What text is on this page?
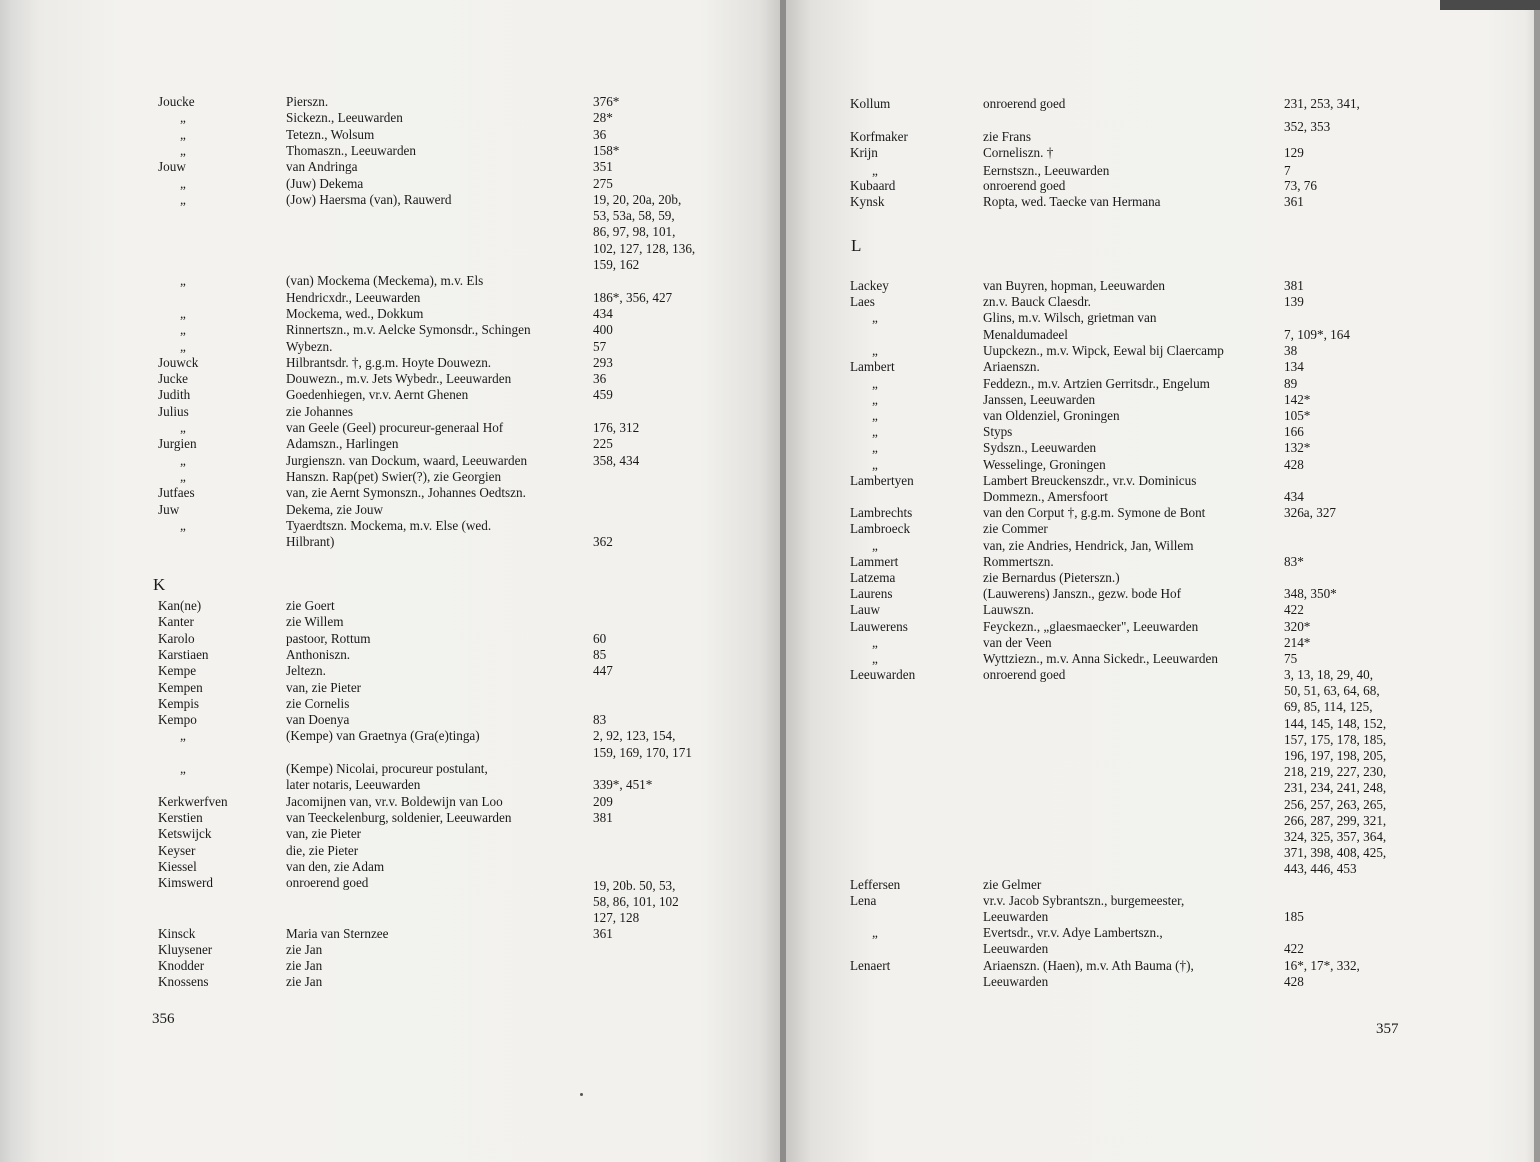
Joucke	Pierszn.	376*
„	Sickezn., Leeuwarden	28*
„	Tetezn., Wolsum	36
„	Thomaszn., Leeuwarden	158*
Jouw	van Andringa	351
„	(Juw) Dekema	275
„	(Jow) Haersma (van), Rauwerd	19, 20, 20a, 20b,
53, 53a, 58, 59,
86, 97, 98, 101,
102, 127, 128, 136,
159, 162
„	(van) Mockema (Meckema), m.v. Els
Hendricxdr., Leeuwarden	186*, 356, 427
„	Mockema, wed., Dokkum	434
„	Rinnertszn., m.v. Aelcke Symonsdr., Schingen	400
„	Wybezn.	57
Jouwck	Hilbrantsdr. †, g.g.m. Hoyte Douwezn.	293
Jucke	Douwezn., m.v. Jets Wybedr., Leeuwarden	36
Judith	Goedenhiegen, vr.v. Aernt Ghenen	459
Julius	zie Johannes
„	van Geele (Geel) procureur-generaal Hof	176, 312
Jurgien	Adamszn., Harlingen	225
„	Jurgienszn. van Dockum, waard, Leeuwarden	358, 434
„	Hanszn. Rap(pet) Swier(?), zie Georgien
Jutfaes	van, zie Aernt Symonszn., Johannes Oedtszn.
Juw	Dekema, zie Jouw
„	Tyaerdtszn. Mockema, m.v. Else (wed.
Hilbrant)	362
Kan(ne)	zie Goert
Kanter	zie Willem
Karolo	pastoor, Rottum	60
Karstiaen	Anthoniszn.	85
Kempe	Jeltezn.	447
Kempen	van, zie Pieter
Kempis	zie Cornelis
Kempo	van Doenya	83
„	(Kempe) van Graetnya (Gra(e)tinga)	2, 92, 123, 154,
159, 169, 170, 171
„	(Kempe) Nicolai, procureur postulant,
later notaris, Leeuwarden	339*, 451*
Kerkwerfven	Jacomijnen van, vr.v. Boldewijn van Loo	209
Kerstien	van Teeckelenburg, soldenier, Leeuwarden	381
Ketswijck	van, zie Pieter
Keyser	die, zie Pieter
Kiessel	van den, zie Adam
Kimswerd	onroerend goed	19, 20b. 50, 53,
58, 86, 101, 102
127, 128
Kinsck	Maria van Sternzee	361
Kluysener	zie Jan
Knodder	zie Jan
Knossens	zie Jan
Kollum	onroerend goed	231, 253, 341,
352, 353
Korfmaker	zie Frans
Krijn	Corneliszn. †	129
„	Eernstszn., Leeuwarden	7
Kubaard	onroerend goed	73, 76
Kynsk	Ropta, wed. Taecke van Hermana	361
Lackey	van Buyren, hopman, Leeuwarden	381
Laes	zn.v. Bauck Claesdr.	139
„	Glins, m.v. Wilsch, grietman van
Menaldumadeel	7, 109*, 164
„	Uupckezn., m.v. Wipck, Eewal bij Claercamp	38
Lambert	Ariaenszn.	134
„	Feddezn., m.v. Artzien Gerritsdr., Engelum	89
„	Janssen, Leeuwarden	142*
„	van Oldenziel, Groningen	105*
„	Styps	166
„	Sydszn., Leeuwarden	132*
„	Wesselinge, Groningen	428
Lambertyen	Lambert Breuckenszdr., vr.v. Dominicus
Dommezn., Amersfoort	434
Lambrechts	van den Corput †, g.g.m. Symone de Bont	326a, 327
Lambroeck	zie Commer
„	van, zie Andries, Hendrick, Jan, Willem
Lammert	Rommertszn.	83*
Latzema	zie Bernardus (Pieterszn.)
Laurens	(Lauwerens) Janszn., gezw. bode Hof	348, 350*
Lauw	Lauwszn.	422
Lauwerens	Feyckezn., „glaesmaecker", Leeuwarden	320*
„	van der Veen	214*
„	Wyttziezn., m.v. Anna Sickedr., Leeuwarden	75
Leeuwarden	onroerend goed	3, 13, 18, 29, 40,
50, 51, 63, 64, 68,
69, 85, 114, 125,
144, 145, 148, 152,
157, 175, 178, 185,
196, 197, 198, 205,
218, 219, 227, 230,
231, 234, 241, 248,
256, 257, 263, 265,
266, 287, 299, 321,
324, 325, 357, 364,
371, 398, 408, 425,
443, 446, 453
Leffersen	zie Gelmer
Lena	vr.v. Jacob Sybrantszn., burgemeester,
Leeuwarden	185
„	Evertsdr., vr.v. Adye Lambertszn.,
Leeuwarden	422
Lenaert	Ariaenszn. (Haen), m.v. Ath Bauma (†),	16*, 17*, 332,
Leeuwarden	428
K
L
356
357
